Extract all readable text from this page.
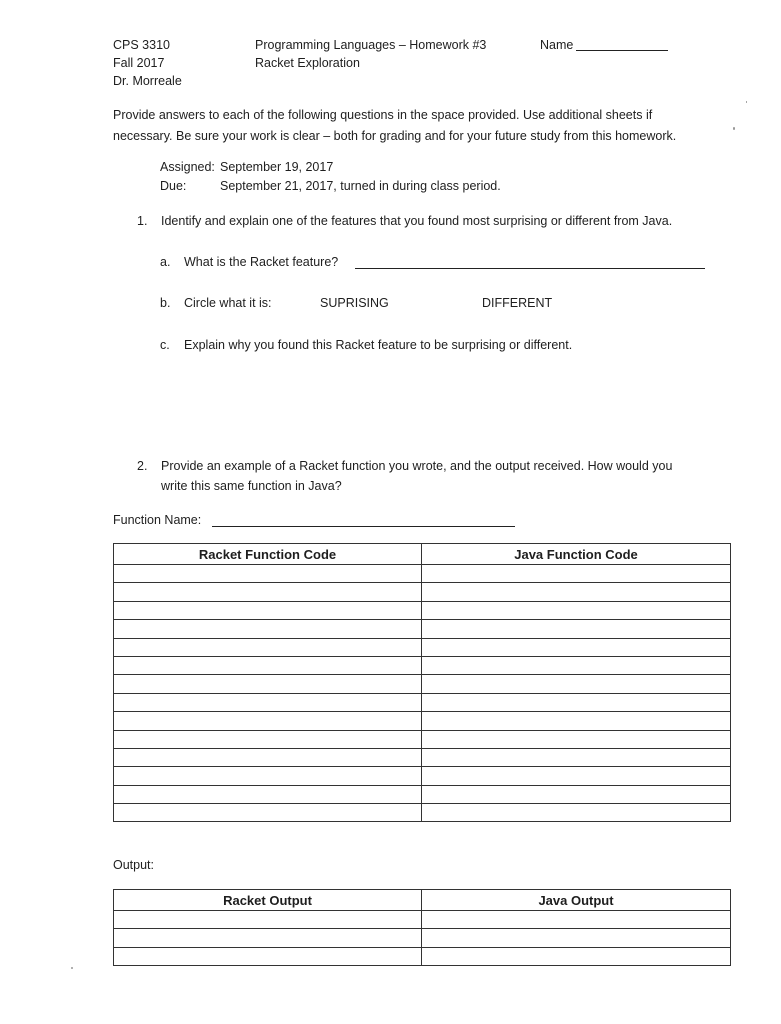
CPS 3310
Fall 2017
Dr. Morreale
Programming Languages – Homework #3
Racket Exploration
Name
Provide answers to each of the following questions in the space provided. Use additional sheets if
necessary. Be sure your work is clear – both for grading and for your future study from this homework.
Assigned: September 19, 2017
Due:	September 21, 2017, turned in during class period.
1. Identify and explain one of the features that you found most surprising or different from Java.
a. What is the Racket feature?
b. Circle what it is:	SUPRISING	DIFFERENT
c. Explain why you found this Racket feature to be surprising or different.
2. Provide an example of a Racket function you wrote, and the output received. How would you
write this same function in Java?
Function Name:
Racket Function Code	Java Function Code

Output:
Racket Output	Java Output
